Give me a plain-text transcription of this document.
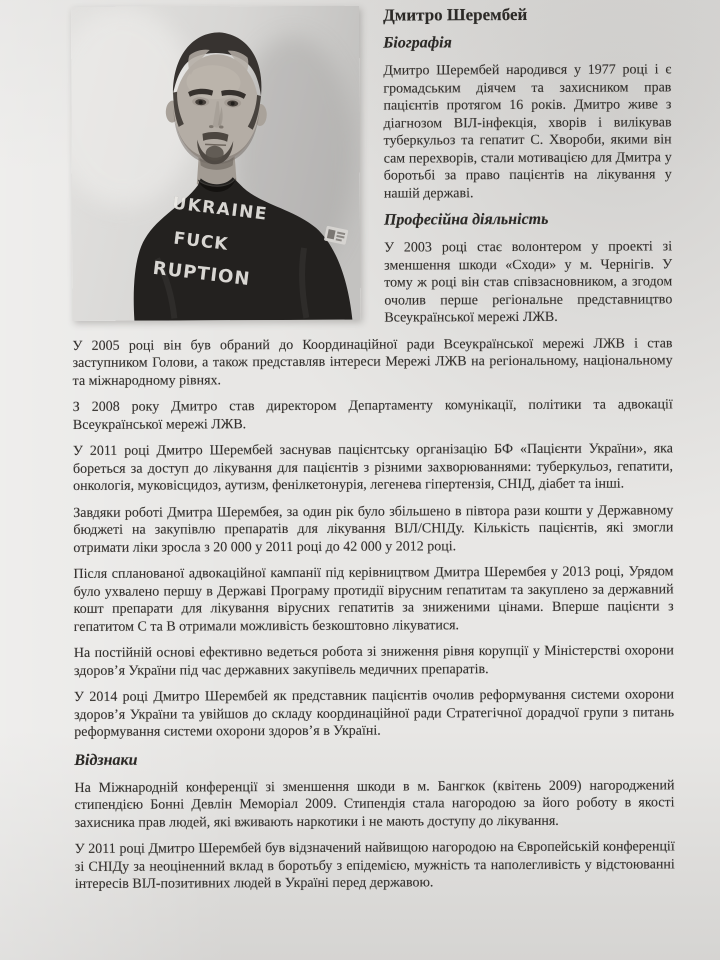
UKRAINE
FUCK
RUPTION
Дмитро Шерембей
Біографія

Дмитро Шерембей народився у 1977 році і є громадським діячем та захисником прав пацієнтів протягом 16 років. Дмитро живе з діагнозом ВІЛ-інфекція, хворів і вилікував туберкульоз та гепатит С. Хвороби, якими він сам перехворів, стали мотивацією для Дмитра у боротьбі за право пацієнтів на лікування у нашій державі.

Професійна діяльність

У 2003 році стає волонтером у проекті зі зменшення шкоди «Сходи» у м. Чернігів. У тому ж році він став співзасновником, а згодом очолив перше регіональне представництво Всеукраїнської мережі ЛЖВ.

У 2005 році він був обраний до Координаційної ради Всеукраїнської мережі ЛЖВ і став заступником Голови, а також представляв інтереси Мережі ЛЖВ на регіональному, національному та міжнародному рівнях.

З 2008 року Дмитро став директором Департаменту комунікації, політики та адвокації Всеукраїнської мережі ЛЖВ.

У 2011 році Дмитро Шерембей заснував пацієнтську організацію БФ «Пацієнти України», яка бореться за доступ до лікування для пацієнтів з різними захворюваннями: туберкульоз, гепатити, онкологія, муковісцидоз, аутизм, фенілкетонурія, легенева гіпертензія, СНІД, діабет та інші.

Завдяки роботі Дмитра Шерембея, за один рік було збільшено в півтора рази кошти у Державному бюджеті на закупівлю препаратів для лікування ВІЛ/СНІДу. Кількість пацієнтів, які змогли отримати ліки зросла з 20 000 у 2011 році до 42 000 у 2012 році.

Після спланованої адвокаційної кампанії під керівництвом Дмитра Шерембея у 2013 році, Урядом було ухвалено першу в Державі Програму протидії вірусним гепатитам та закуплено за державний кошт препарати для лікування вірусних гепатитів за зниженими цінами. Вперше пацієнти з гепатитом С та В отримали можливість безкоштовно лікуватися.

На постійній основі ефективно ведеться робота зі зниження рівня корупції у Міністерстві охорони здоров’я України під час державних закупівель медичних препаратів.

У 2014 році Дмитро Шерембей як представник пацієнтів очолив реформування системи охорони здоров’я України та увійшов до складу координаційної ради Стратегічної дорадчої групи з питань реформування системи охорони здоров’я в Україні.

Відзнаки

На Міжнародній конференції зі зменшення шкоди в м. Бангкок (квітень 2009) нагороджений стипендією Бонні Девлін Меморіал 2009. Стипендія стала нагородою за його роботу в якості захисника прав людей, які вживають наркотики і не мають доступу до лікування.

У 2011 році Дмитро Шерембей був відзначений найвищою нагородою на Європейській конференції зі СНІДу за неоціненний вклад в боротьбу з епідемією, мужність та наполегливість у відстоюванні інтересів ВІЛ-позитивних людей в Україні перед державою.
